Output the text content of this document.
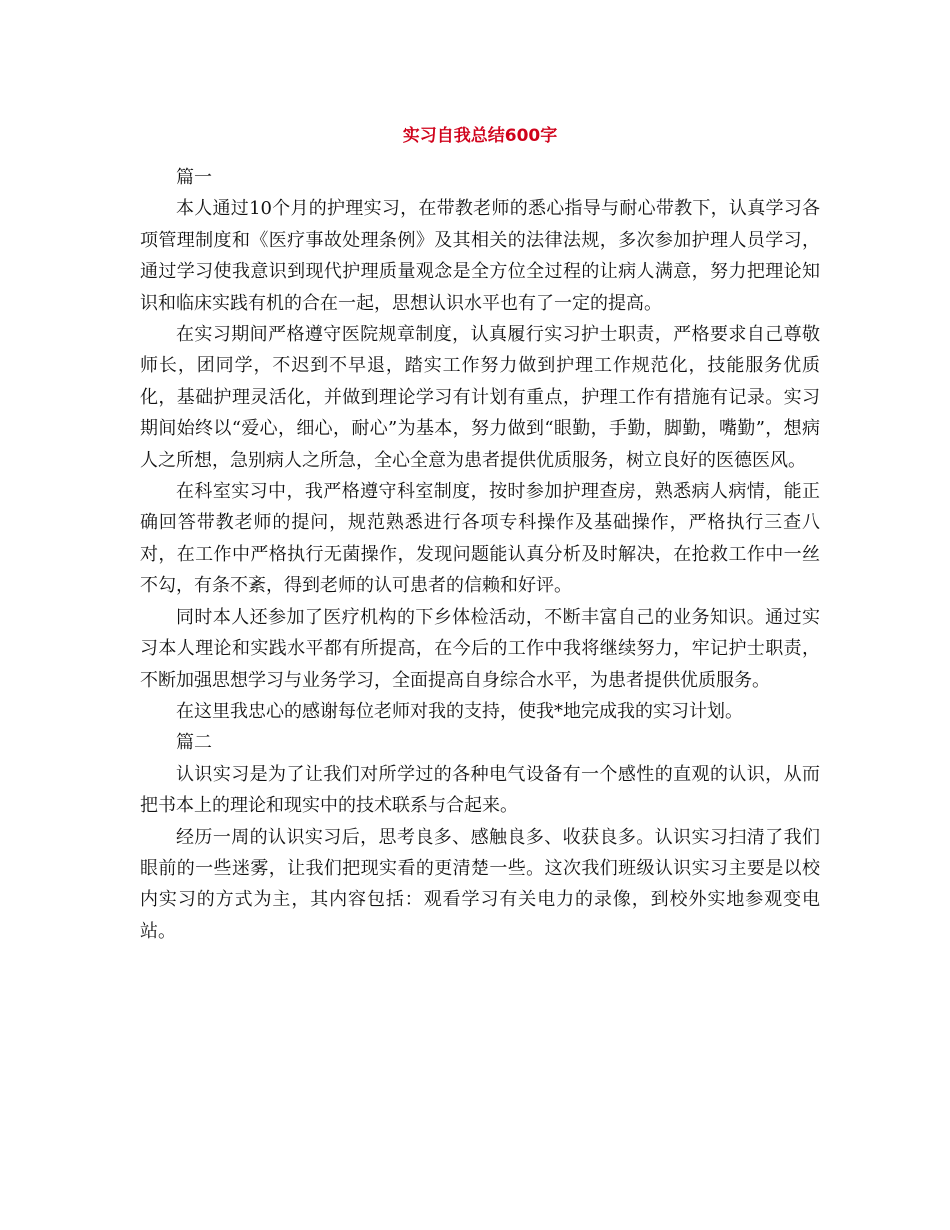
实习自我总结600字

篇一

本人通过10个月的护理实习，在带教老师的悉心指导与耐心带教下，认真学习各项管理制度和《医疗事故处理条例》及其相关的法律法规，多次参加护理人员学习，通过学习使我意识到现代护理质量观念是全方位全过程的让病人满意，努力把理论知识和临床实践有机的合在一起，思想认识水平也有了一定的提高。

在实习期间严格遵守医院规章制度，认真履行实习护士职责，严格要求自己尊敬师长，团同学，不迟到不早退，踏实工作努力做到护理工作规范化，技能服务优质化，基础护理灵活化，并做到理论学习有计划有重点，护理工作有措施有记录。实习期间始终以“爱心，细心，耐心”为基本，努力做到“眼勤，手勤，脚勤，嘴勤”，想病人之所想，急别病人之所急，全心全意为患者提供优质服务，树立良好的医德医风。

在科室实习中，我严格遵守科室制度，按时参加护理查房，熟悉病人病情，能正确回答带教老师的提问，规范熟悉进行各项专科操作及基础操作，严格执行三查八对，在工作中严格执行无菌操作，发现问题能认真分析及时解决，在抢救工作中一丝不勾，有条不紊，得到老师的认可患者的信赖和好评。

同时本人还参加了医疗机构的下乡体检活动，不断丰富自己的业务知识。通过实习本人理论和实践水平都有所提高，在今后的工作中我将继续努力，牢记护士职责，不断加强思想学习与业务学习，全面提高自身综合水平，为患者提供优质服务。

在这里我忠心的感谢每位老师对我的支持，使我*地完成我的实习计划。

篇二

认识实习是为了让我们对所学过的各种电气设备有一个感性的直观的认识，从而把书本上的理论和现实中的技术联系与合起来。

经历一周的认识实习后，思考良多、感触良多、收获良多。认识实习扫清了我们眼前的一些迷雾，让我们把现实看的更清楚一些。这次我们班级认识实习主要是以校内实习的方式为主，其内容包括：观看学习有关电力的录像，到校外实地参观变电站。
